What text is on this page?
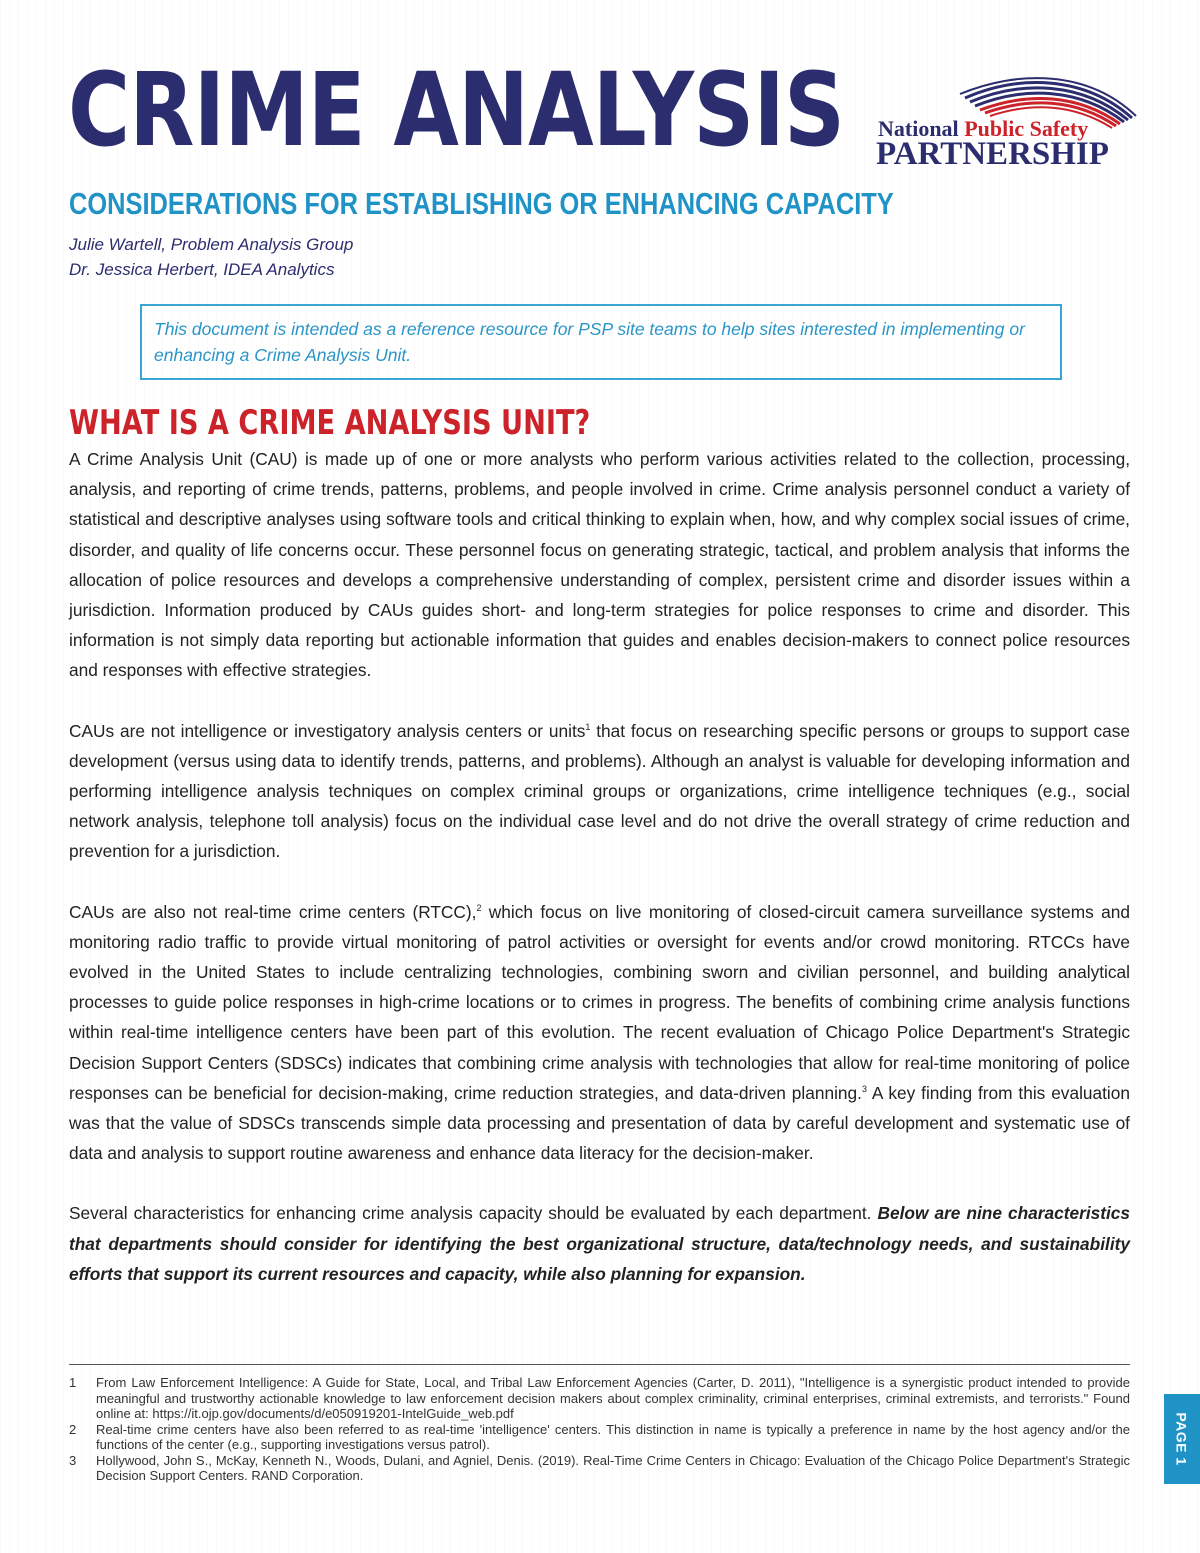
CRIME ANALYSIS
CONSIDERATIONS FOR ESTABLISHING OR ENHANCING CAPACITY
Julie Wartell, Problem Analysis Group
Dr. Jessica Herbert, IDEA Analytics
National Public Safety
PARTNERSHIP
This document is intended as a reference resource for PSP site teams to help sites interested in implementing or enhancing a Crime Analysis Unit.
WHAT IS A CRIME ANALYSIS UNIT?

A Crime Analysis Unit (CAU) is made up of one or more analysts who perform various activities related to the collection, processing, analysis, and reporting of crime trends, patterns, problems, and people involved in crime. Crime analysis personnel conduct a variety of statistical and descriptive analyses using software tools and critical thinking to explain when, how, and why complex social issues of crime, disorder, and quality of life concerns occur. These personnel focus on generating strategic, tactical, and problem analysis that informs the allocation of police resources and develops a comprehensive understanding of complex, persistent crime and disorder issues within a jurisdiction. Information produced by CAUs guides short- and long-term strategies for police responses to crime and disorder. This information is not simply data reporting but actionable information that guides and enables decision-makers to connect police resources and responses with effective strategies.

CAUs are not intelligence or investigatory analysis centers or units$^1$ that focus on researching specific persons or groups to support case development (versus using data to identify trends, patterns, and problems). Although an analyst is valuable for developing information and performing intelligence analysis techniques on complex criminal groups or organizations, crime intelligence techniques (e.g., social network analysis, telephone toll analysis) focus on the individual case level and do not drive the overall strategy of crime reduction and prevention for a jurisdiction.

CAUs are also not real-time crime centers (RTCC),$^2$ which focus on live monitoring of closed-circuit camera surveillance systems and monitoring radio traffic to provide virtual monitoring of patrol activities or oversight for events and/or crowd monitoring. RTCCs have evolved in the United States to include centralizing technologies, combining sworn and civilian personnel, and building analytical processes to guide police responses in high-crime locations or to crimes in progress. The benefits of combining crime analysis functions within real-time intelligence centers have been part of this evolution. The recent evaluation of Chicago Police Department's Strategic Decision Support Centers (SDSCs) indicates that combining crime analysis with technologies that allow for real-time monitoring of police responses can be beneficial for decision-making, crime reduction strategies, and data-driven planning.$^3$ A key finding from this evaluation was that the value of SDSCs transcends simple data processing and presentation of data by careful development and systematic use of data and analysis to support routine awareness and enhance data literacy for the decision-maker.

Several characteristics for enhancing crime analysis capacity should be evaluated by each department. Below are nine characteristics that departments should consider for identifying the best organizational structure, data/technology needs, and sustainability efforts that support its current resources and capacity, while also planning for expansion.

1	From Law Enforcement Intelligence: A Guide for State, Local, and Tribal Law Enforcement Agencies (Carter, D. 2011), "Intelligence is a synergistic product intended to provide meaningful and trustworthy actionable knowledge to law enforcement decision makers about complex criminality, criminal enterprises, criminal extremists, and terrorists." Found online at: https://it.ojp.gov/documents/d/e050919201-IntelGuide_web.pdf
2	Real-time crime centers have also been referred to as real-time 'intelligence' centers. This distinction in name is typically a preference in name by the host agency and/or the functions of the center (e.g., supporting investigations versus patrol).
3	Hollywood, John S., McKay, Kenneth N., Woods, Dulani, and Agniel, Denis. (2019). Real-Time Crime Centers in Chicago: Evaluation of the Chicago Police Department's Strategic Decision Support Centers. RAND Corporation.
PAGE 1
